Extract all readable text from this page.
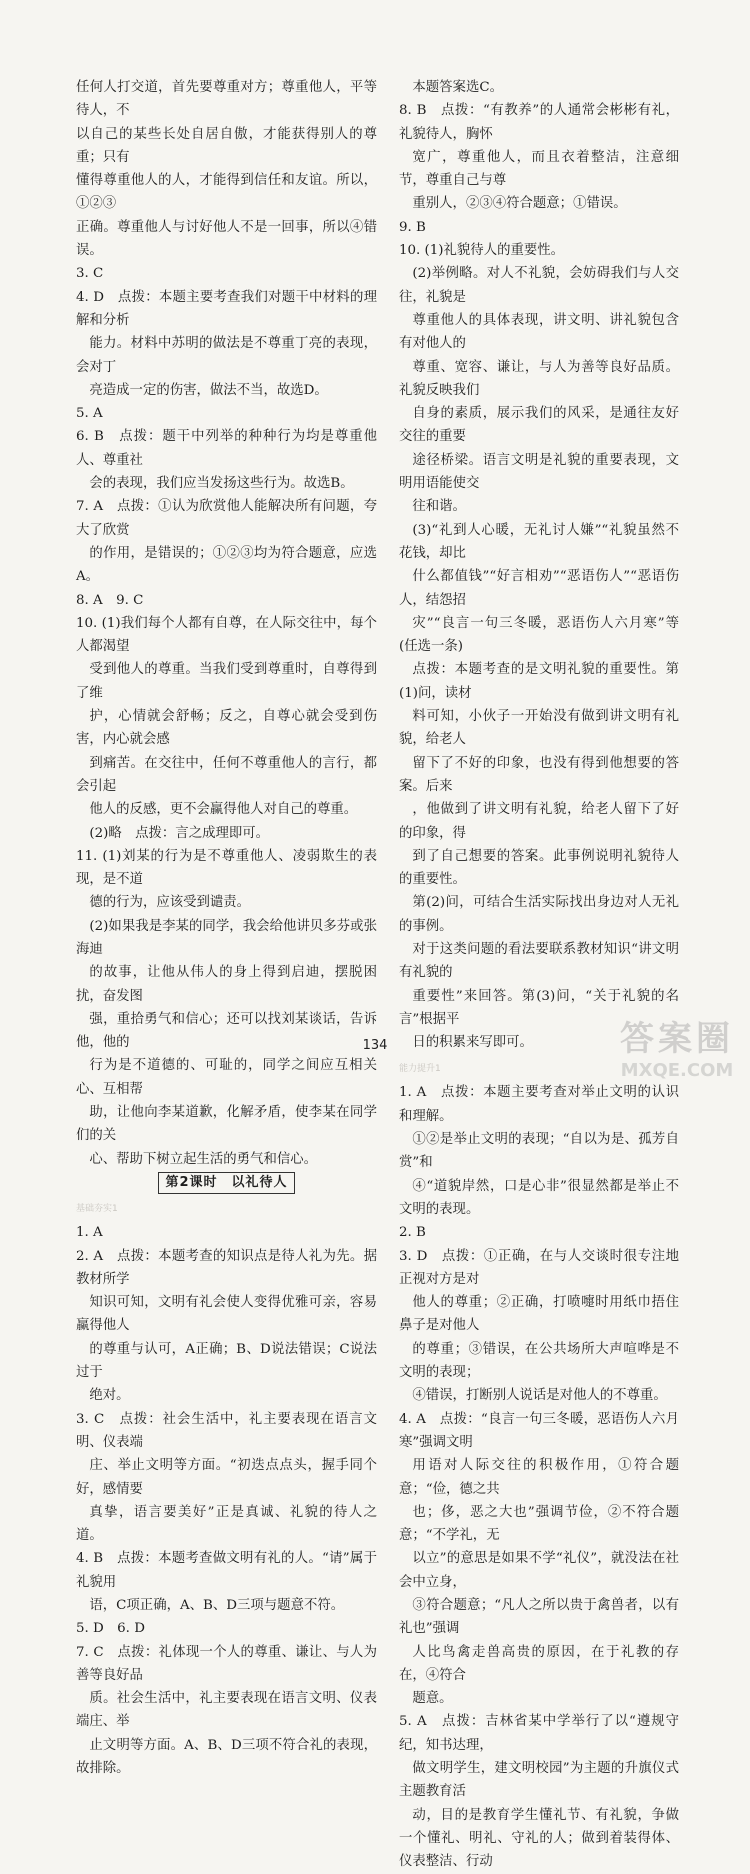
任何人打交道，首先要尊重对方；尊重他人，平等待人，不

以自己的某些长处自居自傲，才能获得别人的尊重；只有

懂得尊重他人的人，才能得到信任和友谊。所以，①②③

正确。尊重他人与讨好他人不是一回事，所以④错误。

3. C

4. D　点拨：本题主要考查我们对题干中材料的理解和分析

能力。材料中苏明的做法是不尊重丁亮的表现，会对丁

亮造成一定的伤害，做法不当，故选D。

5. A

6. B　点拨：题干中列举的种种行为均是尊重他人、尊重社

会的表现，我们应当发扬这些行为。故选B。

7. A　点拨：①认为欣赏他人能解决所有问题，夸大了欣赏

的作用，是错误的；①②③均为符合题意，应选A。

8. A　9. C

10. (1)我们每个人都有自尊，在人际交往中，每个人都渴望

受到他人的尊重。当我们受到尊重时，自尊得到了维

护，心情就会舒畅；反之，自尊心就会受到伤害，内心就会感

到痛苦。在交往中，任何不尊重他人的言行，都会引起

他人的反感，更不会赢得他人对自己的尊重。

(2)略　点拨：言之成理即可。

11. (1)刘某的行为是不尊重他人、凌弱欺生的表现，是不道

德的行为，应该受到谴责。

(2)如果我是李某的同学，我会给他讲贝多芬或张海迪

的故事，让他从伟人的身上得到启迪，摆脱困扰，奋发图

强，重拾勇气和信心；还可以找刘某谈话，告诉他，他的

行为是不道德的、可耻的，同学之间应互相关心、互相帮

助，让他向李某道歉，化解矛盾，使李某在同学们的关

心、帮助下树立起生活的勇气和信心。

第2课时　以礼待人
基础夯实1

1. A

2. A　点拨：本题考查的知识点是待人礼为先。据教材所学

知识可知，文明有礼会使人变得优雅可亲，容易赢得他人

的尊重与认可，A正确；B、D说法错误；C说法过于

绝对。

3. C　点拨：社会生活中，礼主要表现在语言文明、仪表端

庄、举止文明等方面。“初迭点点头，握手同个好，感情要

真挚，语言要美好”正是真诚、礼貌的待人之道。

4. B　点拨：本题考查做文明有礼的人。“请”属于礼貌用

语，C项正确，A、B、D三项与题意不符。

5. D　6. D

7. C　点拨：礼体现一个人的尊重、谦让、与人为善等良好品

质。社会生活中，礼主要表现在语言文明、仪表端庄、举

止文明等方面。A、B、D三项不符合礼的表现，故排除。

本题答案选C。

8. B　点拨：“有教养”的人通常会彬彬有礼，礼貌待人，胸怀

宽广，尊重他人，而且衣着整洁，注意细节，尊重自己与尊

重别人，②③④符合题意；①错误。

9. B

10. (1)礼貌待人的重要性。

(2)举例略。对人不礼貌，会妨碍我们与人交往，礼貌是

尊重他人的具体表现，讲文明、讲礼貌包含有对他人的

尊重、宽容、谦让，与人为善等良好品质。礼貌反映我们

自身的素质，展示我们的风采，是通往友好交往的重要

途径桥梁。语言文明是礼貌的重要表现，文明用语能使交

往和谐。

(3)“礼到人心暖，无礼讨人嫌”“礼貌虽然不花钱，却比

什么都值钱”“好言相劝”“恶语伤人”“恶语伤人，结怨招

灾”“良言一句三冬暖，恶语伤人六月寒”等(任选一条)

点拨：本题考查的是文明礼貌的重要性。第(1)问，读材

料可知，小伙子一开始没有做到讲文明有礼貌，给老人

留下了不好的印象，也没有得到他想要的答案。后来

，他做到了讲文明有礼貌，给老人留下了好的印象，得

到了自己想要的答案。此事例说明礼貌待人的重要性。

第(2)问，可结合生活实际找出身边对人无礼的事例。

对于这类问题的看法要联系教材知识“讲文明有礼貌的

重要性”来回答。第(3)问，“关于礼貌的名言”根据平

日的积累来写即可。

能力提升1

1. A　点拨：本题主要考查对举止文明的认识和理解。

①②是举止文明的表现；“自以为是、孤芳自赏”和

④“道貌岸然，口是心非”很显然都是举止不文明的表现。

2. B

3. D　点拨：①正确，在与人交谈时很专注地正视对方是对

他人的尊重；②正确，打喷嚏时用纸巾捂住鼻子是对他人

的尊重；③错误，在公共场所大声喧哗是不文明的表现；

④错误，打断别人说话是对他人的不尊重。

4. A　点拨：“良言一句三冬暖，恶语伤人六月寒”强调文明

用语对人际交往的积极作用，①符合题意；“俭，德之共

也；侈，恶之大也”强调节俭，②不符合题意；“不学礼，无

以立”的意思是如果不学“礼仪”，就没法在社会中立身，

③符合题意；“凡人之所以贵于禽兽者，以有礼也”强调

人比鸟禽走兽高贵的原因，在于礼教的存在，④符合

题意。

5. A　点拨：吉林省某中学举行了以“遵规守纪，知书达理，

做文明学生，建文明校园”为主题的升旗仪式主题教育活

动，目的是教育学生懂礼节、有礼貌，争做一个懂礼、明礼、守礼的人；做到着装得体、仪表整洁、行动

134	答案圈
MXQE.COM
